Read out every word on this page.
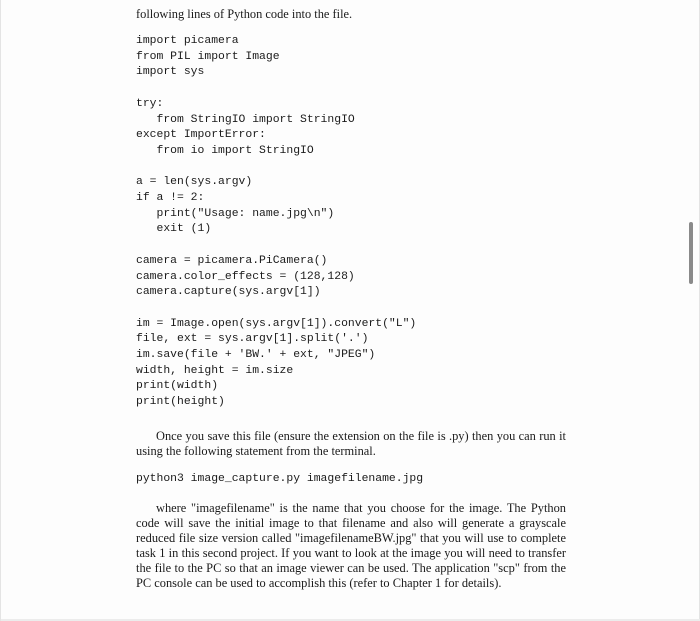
following lines of Python code into the file.

import picamera
from PIL import Image
import sys

try:
from StringIO import StringIO
except ImportError:
from io import StringIO

a = len(sys.argv)
if a != 2:
print("Usage: name.jpg\n")
exit (1)

camera = picamera.PiCamera()
camera.color_effects = (128,128)
camera.capture(sys.argv[1])

im = Image.open(sys.argv[1]).convert("L")
file, ext = sys.argv[1].split('.')
im.save(file + 'BW.' + ext, "JPEG")
width, height = im.size
print(width)
print(height)

Once you save this file (ensure the extension on the file is .py) then you can run it using the following statement from the terminal.

python3 image_capture.py imagefilename.jpg

where "imagefilename" is the name that you choose for the image. The Python code will save the initial image to that filename and also will generate a grayscale reduced file size version called "imagefilenameBW.jpg" that you will use to complete task 1 in this second project. If you want to look at the image you will need to transfer the file to the PC so that an image viewer can be used. The application "scp" from the PC console can be used to accomplish this (refer to Chapter 1 for details).
